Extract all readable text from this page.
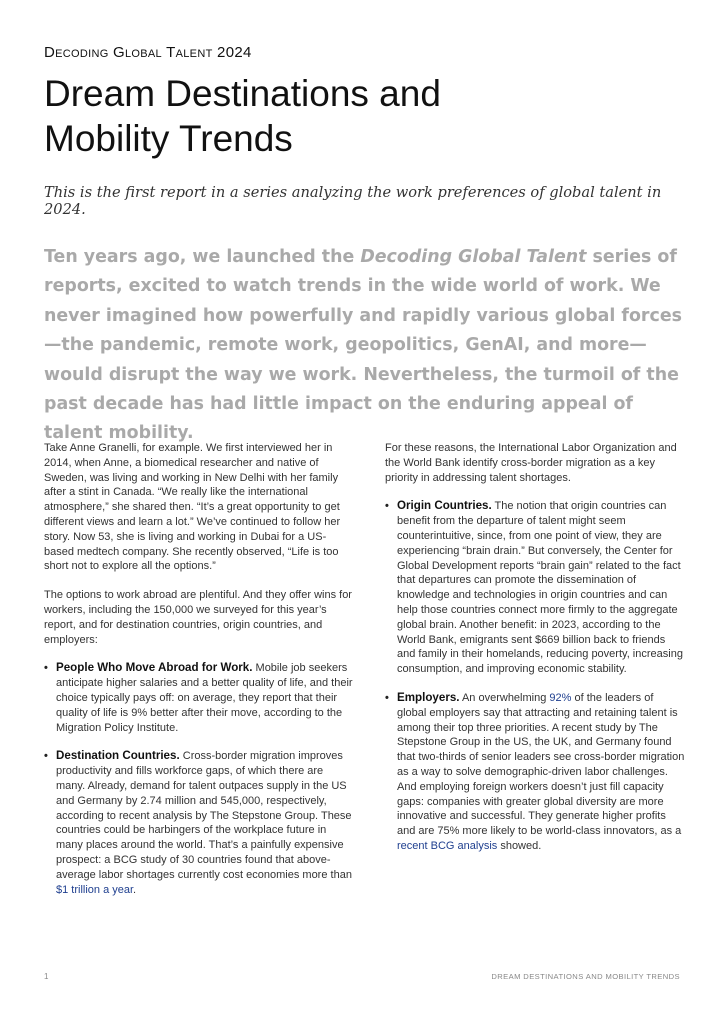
Decoding Global Talent 2024
Dream Destinations and
Mobility Trends
This is the first report in a series analyzing the work preferences of global talent in 2024.
Ten years ago, we launched the Decoding Global Talent series of reports, excited to watch trends in the wide world of work. We never imagined how powerfully and rapidly various global forces—the pandemic, remote work, geopolitics, GenAI, and more—would disrupt the way we work. Nevertheless, the turmoil of the past decade has had little impact on the enduring appeal of talent mobility.

Take Anne Granelli, for example. We first interviewed her in 2014, when Anne, a biomedical researcher and native of Sweden, was living and working in New Delhi with her family after a stint in Canada. “We really like the international atmosphere,” she shared then. “It’s a great opportunity to get different views and learn a lot.” We’ve continued to follow her story. Now 53, she is living and working in Dubai for a US-based medtech company. She recently observed, “Life is too short not to explore all the options.”

The options to work abroad are plentiful. And they offer wins for workers, including the 150,000 we surveyed for this year’s report, and for destination countries, origin countries, and employers:

• People Who Move Abroad for Work. Mobile job seekers anticipate higher salaries and a better quality of life, and their choice typically pays off: on average, they report that their quality of life is 9% better after their move, according to the Migration Policy Institute.
• Destination Countries. Cross-border migration improves productivity and fills workforce gaps, of which there are many. Already, demand for talent outpaces supply in the US and Germany by 2.74 million and 545,000, respectively, according to recent analysis by The Stepstone Group. These countries could be harbingers of the workplace future in many places around the world. That’s a painfully expensive prospect: a BCG study of 30 countries found that above-average labor shortages currently cost economies more than $1 trillion a year.

For these reasons, the International Labor Organization and the World Bank identify cross-border migration as a key priority in addressing talent shortages.

• Origin Countries. The notion that origin countries can benefit from the departure of talent might seem counterintuitive, since, from one point of view, they are experiencing “brain drain.” But conversely, the Center for Global Development reports “brain gain” related to the fact that departures can promote the dissemination of knowledge and technologies in origin countries and can help those countries connect more firmly to the aggregate global brain. Another benefit: in 2023, according to the World Bank, emigrants sent $669 billion back to friends and family in their homelands, reducing poverty, increasing consumption, and improving economic stability.
• Employers. An overwhelming 92% of the leaders of global employers say that attracting and retaining talent is among their top three priorities. A recent study by The Stepstone Group in the US, the UK, and Germany found that two-thirds of senior leaders see cross-border migration as a way to solve demographic-driven labor challenges. And employing foreign workers doesn’t just fill capacity gaps: companies with greater global diversity are more innovative and successful. They generate higher profits and are 75% more likely to be world-class innovators, as a recent BCG analysis showed.
1	DREAM DESTINATIONS AND MOBILITY TRENDS
